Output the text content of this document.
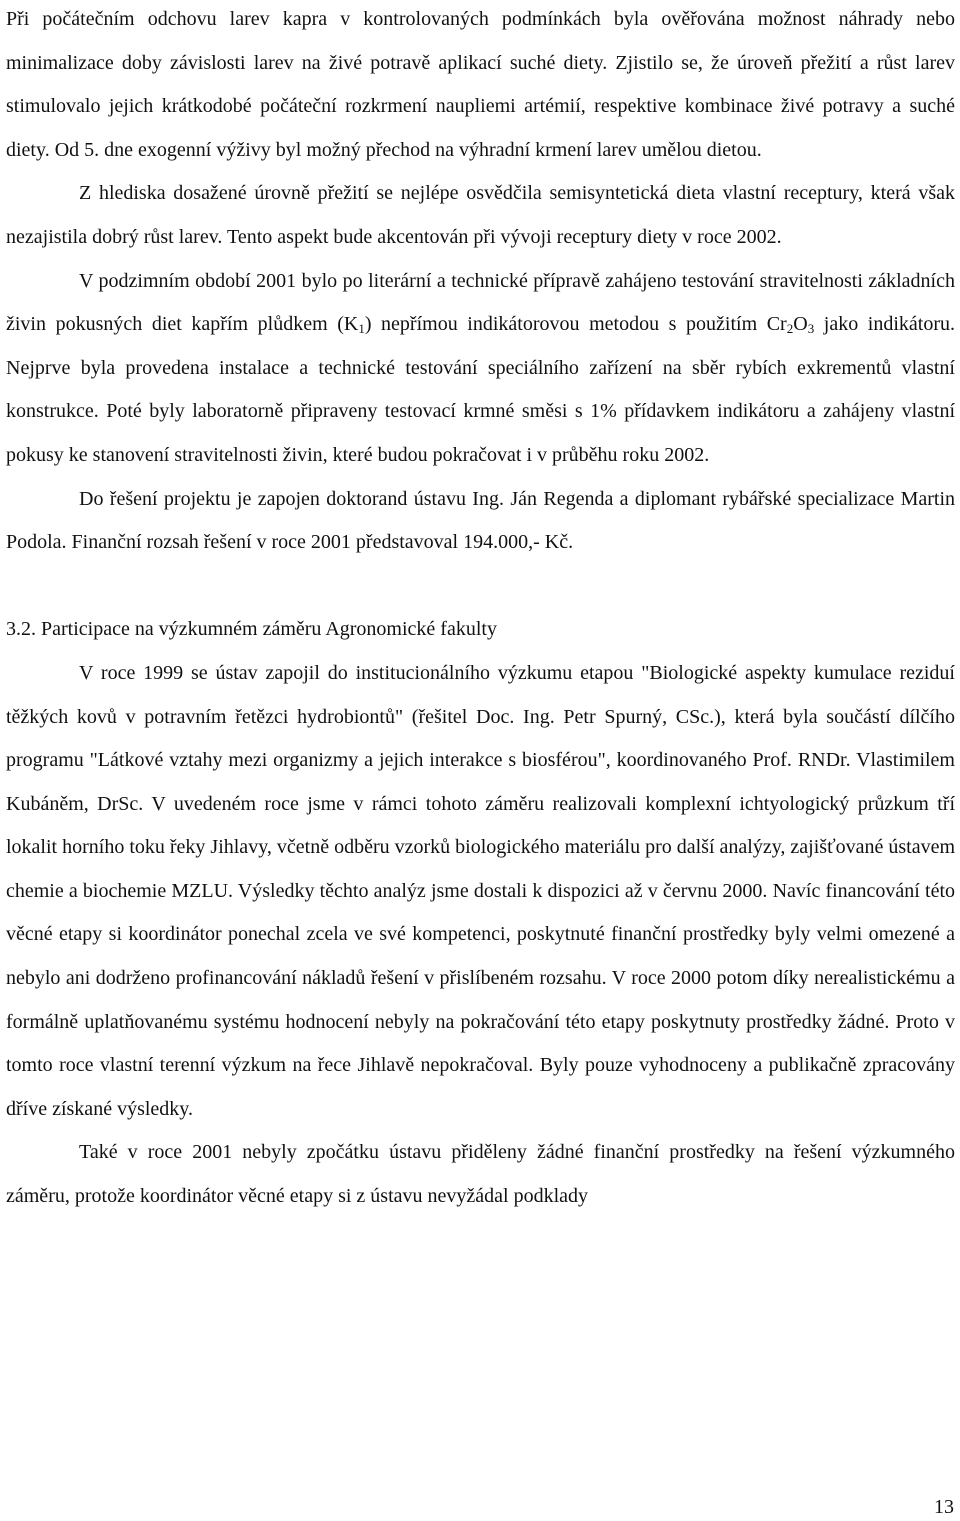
Při počátečním odchovu larev kapra v kontrolovaných podmínkách byla ověřována možnost náhrady nebo minimalizace doby závislosti larev na živé potravě aplikací suché diety. Zjistilo se, že úroveň přežití a růst larev stimulovalo jejich krátkodobé počáteční rozkrmení naupliemi artémií, respektive kombinace živé potravy a suché diety. Od 5. dne exogenní výživy byl možný přechod na výhradní krmení larev umělou dietou.

Z hlediska dosažené úrovně přežití se nejlépe osvědčila semisyntetická dieta vlastní receptury, která však nezajistila dobrý růst larev. Tento aspekt bude akcentován při vývoji receptury diety v roce 2002.

V podzimním období 2001 bylo po literární a technické přípravě zahájeno testování stravitelnosti základních živin pokusných diet kapřím plůdkem $(K_1)$ nepřímou indikátorovou metodou s použitím $Cr_2O_3$ jako indikátoru. Nejprve byla provedena instalace a technické testování speciálního zařízení na sběr rybích exkrementů vlastní konstrukce. Poté byly laboratorně připraveny testovací krmné směsi s 1% přídavkem indikátoru a zahájeny vlastní pokusy ke stanovení stravitelnosti živin, které budou pokračovat i v průběhu roku 2002.

Do řešení projektu je zapojen doktorand ústavu Ing. Ján Regenda a diplomant rybářské specializace Martin Podola. Finanční rozsah řešení v roce 2001 představoval 194.000,- Kč.

3.2. Participace na výzkumném záměru Agronomické fakulty

V roce 1999 se ústav zapojil do institucionálního výzkumu etapou "Biologické aspekty kumulace reziduí těžkých kovů v potravním řetězci hydrobiontů" (řešitel Doc. Ing. Petr Spurný, CSc.), která byla součástí dílčího programu "Látkové vztahy mezi organizmy a jejich interakce s biosférou", koordinovaného Prof. RNDr. Vlastimilem Kubáněm, DrSc. V uvedeném roce jsme v rámci tohoto záměru realizovali komplexní ichtyologický průzkum tří lokalit horního toku řeky Jihlavy, včetně odběru vzorků biologického materiálu pro další analýzy, zajišťované ústavem chemie a biochemie MZLU. Výsledky těchto analýz jsme dostali k dispozici až v červnu 2000. Navíc financování této věcné etapy si koordinátor ponechal zcela ve své kompetenci, poskytnuté finanční prostředky byly velmi omezené a nebylo ani dodrženo profinancování nákladů řešení v přislíbeném rozsahu. V roce 2000 potom díky nerealistickému a formálně uplatňovanému systému hodnocení nebyly na pokračování této etapy poskytnuty prostředky žádné. Proto v tomto roce vlastní terenní výzkum na řece Jihlavě nepokračoval. Byly pouze vyhodnoceny a publikačně zpracovány dříve získané výsledky.

Také v roce 2001 nebyly zpočátku ústavu přiděleny žádné finanční prostředky na řešení výzkumného záměru, protože koordinátor věcné etapy si z ústavu nevyžádal podklady

13
